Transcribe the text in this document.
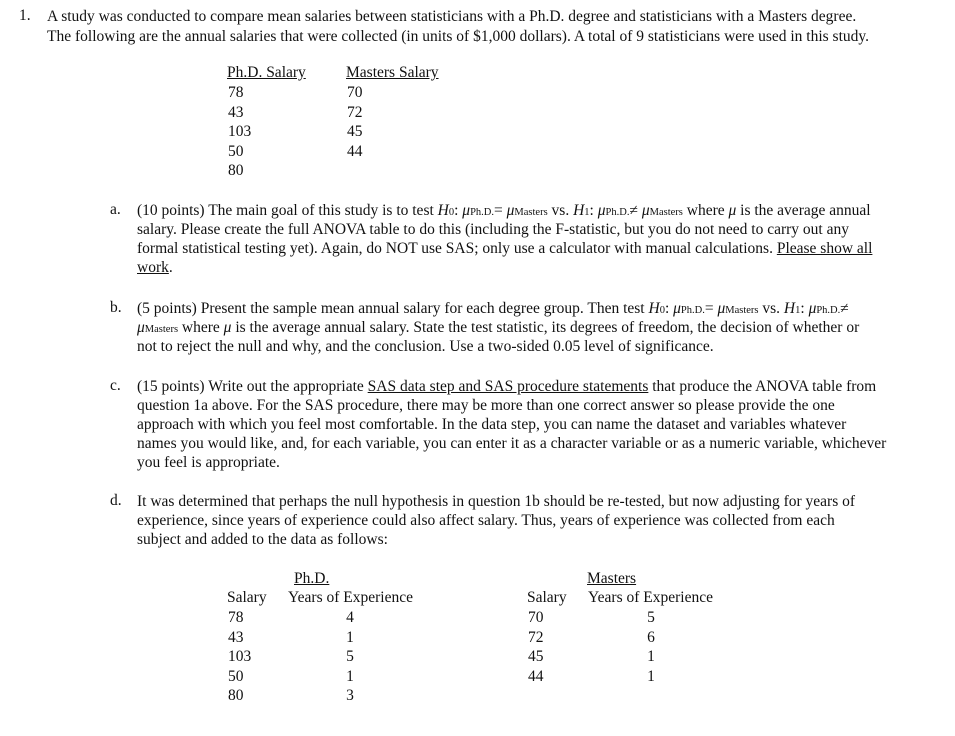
1. A study was conducted to compare mean salaries between statisticians with a Ph.D. degree and statisticians with a Masters degree.
The following are the annual salaries that were collected (in units of $1,000 dollars). A total of 9 statisticians were used in this study.
Ph.D. Salary	Masters Salary
78
43
103
50
80
70
72
45
44
a. (10 points) The main goal of this study is to test H0: μPh.D.= μMasters vs. H1: μPh.D.≠ μMasters where μ is the average annual
salary. Please create the full ANOVA table to do this (including the F-statistic, but you do not need to carry out any
formal statistical testing yet). Again, do NOT use SAS; only use a calculator with manual calculations. Please show all
work.
b. (5 points) Present the sample mean annual salary for each degree group. Then test H0: μPh.D.= μMasters vs. H1: μPh.D.≠
μMasters where μ is the average annual salary. State the test statistic, its degrees of freedom, the decision of whether or
not to reject the null and why, and the conclusion. Use a two-sided 0.05 level of significance.
c. (15 points) Write out the appropriate SAS data step and SAS procedure statements that produce the ANOVA table from
question 1a above. For the SAS procedure, there may be more than one correct answer so please provide the one
approach with which you feel most comfortable. In the data step, you can name the dataset and variables whatever
names you would like, and, for each variable, you can enter it as a character variable or as a numeric variable, whichever
you feel is appropriate.
d. It was determined that perhaps the null hypothesis in question 1b should be re-tested, but now adjusting for years of
experience, since years of experience could also affect salary. Thus, years of experience was collected from each
subject and added to the data as follows:
Ph.D.
Salary Years of Experience
78
43
103
50
80
4
1
5
1
3
Masters
Salary Years of Experience
70
72
45
44
5
6
1
1
